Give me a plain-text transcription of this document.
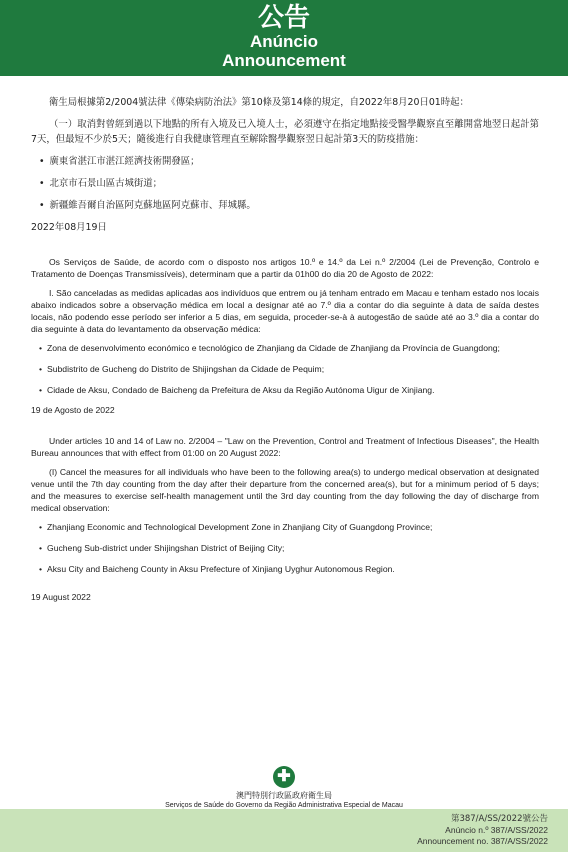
公告
Anúncio
Announcement

衛生局根據第2/2004號法律《傳染病防治法》第10條及第14條的規定，自2022年8月20日01時起：

（一）取消對曾經到過以下地點的所有入境及已入境人士，必須遵守在指定地點接受醫學觀察直至離開當地翌日起計第7天，但最短不少於5天；隨後進行自我健康管理直至解除醫學觀察翌日起計第3天的防疫措施：

• 廣東省湛江市湛江經濟技術開發區；

• 北京市石景山區古城街道；

• 新疆維吾爾自治區阿克蘇地區阿克蘇市、拜城縣。

2022年08月19日

Os Serviços de Saúde, de acordo com o disposto nos artigos 10.º e 14.º da Lei n.º 2/2004 (Lei de Prevenção, Controlo e Tratamento de Doenças Transmissíveis), determinam que a partir da 01h00 do dia 20 de Agosto de 2022:

I. São canceladas as medidas aplicadas aos indivíduos que entrem ou já tenham entrado em Macau e tenham estado nos locais abaixo indicados sobre a observação médica em local a designar até ao 7.º dia a contar do dia seguinte à data de saída destes locais, não podendo esse período ser inferior a 5 dias, em seguida, proceder-se-à à autogestão de saúde até ao 3.º dia a contar do dia seguinte à data do levantamento da observação médica:

• Zona de desenvolvimento económico e tecnológico de Zhanjiang da Cidade de Zhanjiang da Província de Guangdong;

• Subdistrito de Gucheng do Distrito de Shijingshan da Cidade de Pequim;

• Cidade de Aksu, Condado de Baicheng da Prefeitura de Aksu da Região Autónoma Uigur de Xinjiang.

19 de Agosto de 2022

Under articles 10 and 14 of Law no. 2/2004 – "Law on the Prevention, Control and Treatment of Infectious Diseases", the Health Bureau announces that with effect from 01:00 on 20 August 2022:

(I) Cancel the measures for all individuals who have been to the following area(s) to undergo medical observation at designated venue until the 7th day counting from the day after their departure from the concerned area(s), but for a minimum period of 5 days; and the measures to exercise self-health management until the 3rd day counting from the day following the day of discharge from medical observation:

• Zhanjiang Economic and Technological Development Zone in Zhanjiang City of Guangdong Province;

• Gucheng Sub-district under Shijingshan District of Beijing City;

• Aksu City and Baicheng County in Aksu Prefecture of Xinjiang Uyghur Autonomous Region.

19 August 2022

✚
澳門特別行政區政府衛生局
Serviços de Saúde do Governo da Região Administrativa Especial de Macau
第387/A/SS/2022號公告
Anúncio n.º 387/A/SS/2022
Announcement no. 387/A/SS/2022
